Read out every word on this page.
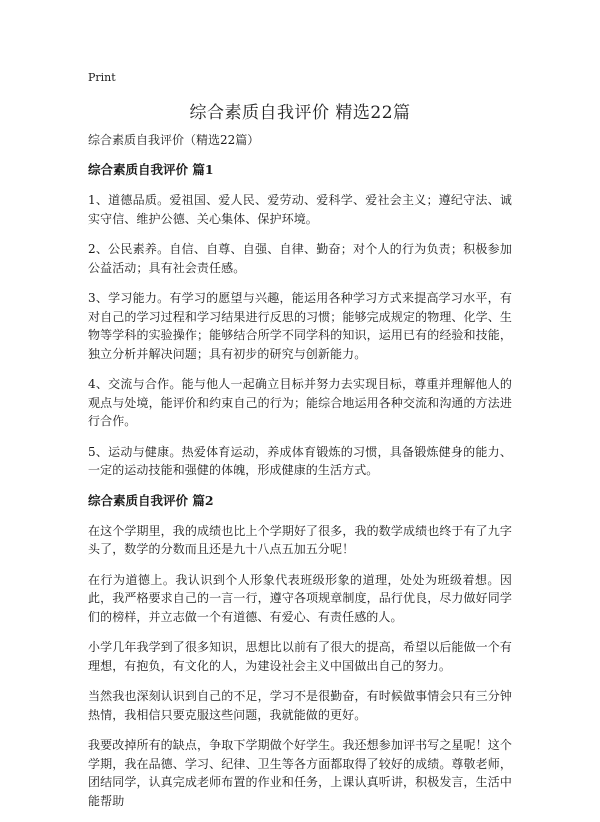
Print
综合素质自我评价 精选22篇
综合素质自我评价（精选22篇）
综合素质自我评价 篇1
1、道德品质。爱祖国、爱人民、爱劳动、爱科学、爱社会主义；遵纪守法、诚实守信、维护公德、关心集体、保护环境。
2、公民素养。自信、自尊、自强、自律、勤奋；对个人的行为负责；积极参加公益活动；具有社会责任感。
3、学习能力。有学习的愿望与兴趣，能运用各种学习方式来提高学习水平，有对自己的学习过程和学习结果进行反思的习惯；能够完成规定的物理、化学、生物等学科的实验操作；能够结合所学不同学科的知识，运用已有的经验和技能，独立分析并解决问题；具有初步的研究与创新能力。
4、交流与合作。能与他人一起确立目标并努力去实现目标，尊重并理解他人的观点与处境，能评价和约束自己的行为；能综合地运用各种交流和沟通的方法进行合作。
5、运动与健康。热爱体育运动，养成体育锻炼的习惯，具备锻炼健身的能力、一定的运动技能和强健的体魄，形成健康的生活方式。
综合素质自我评价 篇2
在这个学期里，我的成绩也比上个学期好了很多，我的数学成绩也终于有了九字头了，数学的分数而且还是九十八点五加五分呢！
在行为道德上。我认识到个人形象代表班级形象的道理，处处为班级着想。因此，我严格要求自己的一言一行，遵守各项规章制度，品行优良，尽力做好同学们的榜样，并立志做一个有道德、有爱心、有责任感的人。
小学几年我学到了很多知识，思想比以前有了很大的提高，希望以后能做一个有理想，有抱负，有文化的人，为建设社会主义中国做出自己的努力。
当然我也深刻认识到自己的不足，学习不是很勤奋，有时候做事情会只有三分钟热情，我相信只要克服这些问题，我就能做的更好。
我要改掉所有的缺点，争取下学期做个好学生。我还想参加评书写之星呢！这个学期，我在品德、学习、纪律、卫生等各方面都取得了较好的成绩。尊敬老师，团结同学，认真完成老师布置的作业和任务，上课认真听讲，积极发言，生活中能帮助
